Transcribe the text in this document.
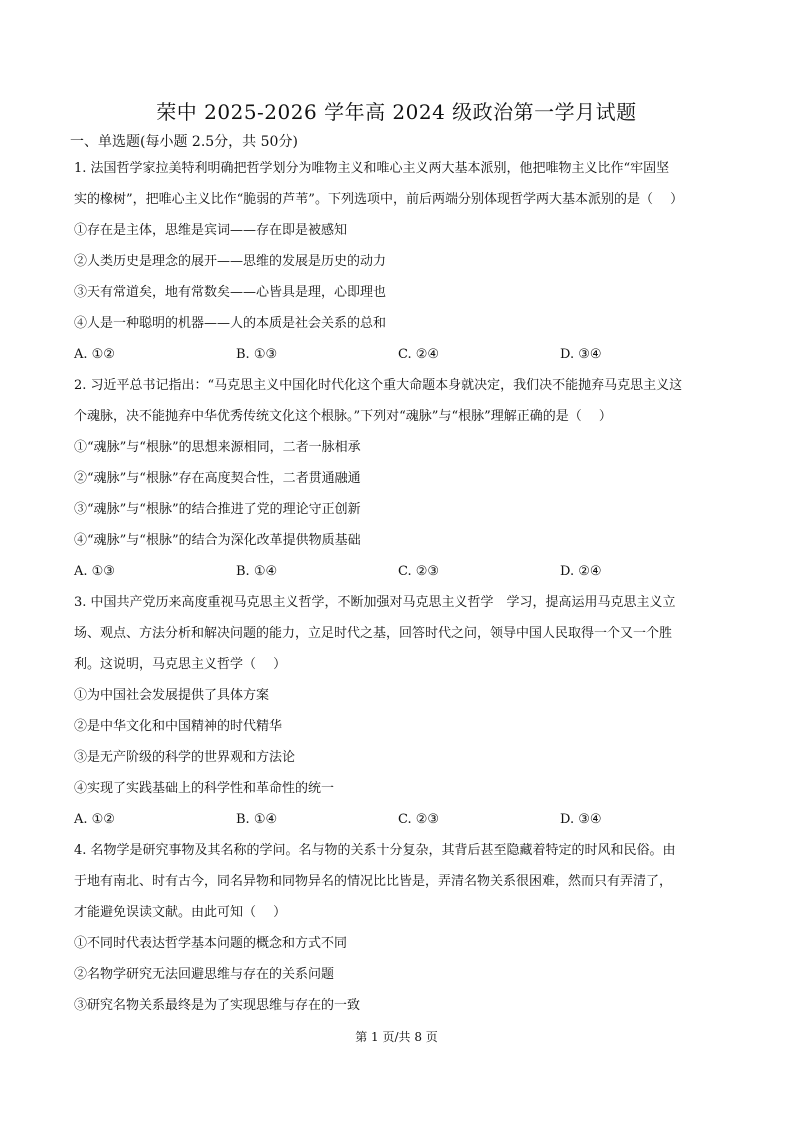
荣中 2025-2026 学年高 2024 级政治第一学月试题
一、单选题(每小题 2.5分，共 50分)
1. 法国哲学家拉美特利明确把哲学划分为唯物主义和唯心主义两大基本派别，他把唯物主义比作“牢固坚
实的橡树”，把唯心主义比作“脆弱的芦苇”。下列选项中，前后两端分别体现哲学两大基本派别的是（　 ）
①存在是主体，思维是宾词——存在即是被感知
②人类历史是理念的展开——思维的发展是历史的动力
③天有常道矣，地有常数矣——心皆具是理，心即理也
④人是一种聪明的机器——人的本质是社会关系的总和
A. ①②	B. ①③	C. ②④	D. ③④
2. 习近平总书记指出：“马克思主义中国化时代化这个重大命题本身就决定，我们决不能抛弃马克思主义这
个魂脉，决不能抛弃中华优秀传统文化这个根脉。”下列对“魂脉”与“根脉”理解正确的是（　 ）
①“魂脉”与“根脉”的思想来源相同，二者一脉相承
②“魂脉”与“根脉”存在高度契合性，二者贯通融通
③“魂脉”与“根脉”的结合推进了党的理论守正创新
④“魂脉”与“根脉”的结合为深化改革提供物质基础
A. ①③	B. ①④	C. ②③	D. ②④
3. 中国共产党历来高度重视马克思主义哲学，不断加强对马克思主义哲学　学习，提高运用马克思主义立
场、观点、方法分析和解决问题的能力，立足时代之基，回答时代之问，领导中国人民取得一个又一个胜
利。这说明，马克思主义哲学（　 ）
①为中国社会发展提供了具体方案
②是中华文化和中国精神的时代精华
③是无产阶级的科学的世界观和方法论
④实现了实践基础上的科学性和革命性的统一
A. ①②	B. ①④	C. ②③	D. ③④
4. 名物学是研究事物及其名称的学问。名与物的关系十分复杂，其背后甚至隐藏着特定的时风和民俗。由
于地有南北、时有古今，同名异物和同物异名的情况比比皆是，弄清名物关系很困难，然而只有弄清了，
才能避免误读文献。由此可知（　 ）
①不同时代表达哲学基本问题的概念和方式不同
②名物学研究无法回避思维与存在的关系问题
③研究名物关系最终是为了实现思维与存在的一致
第 1 页/共 8 页
